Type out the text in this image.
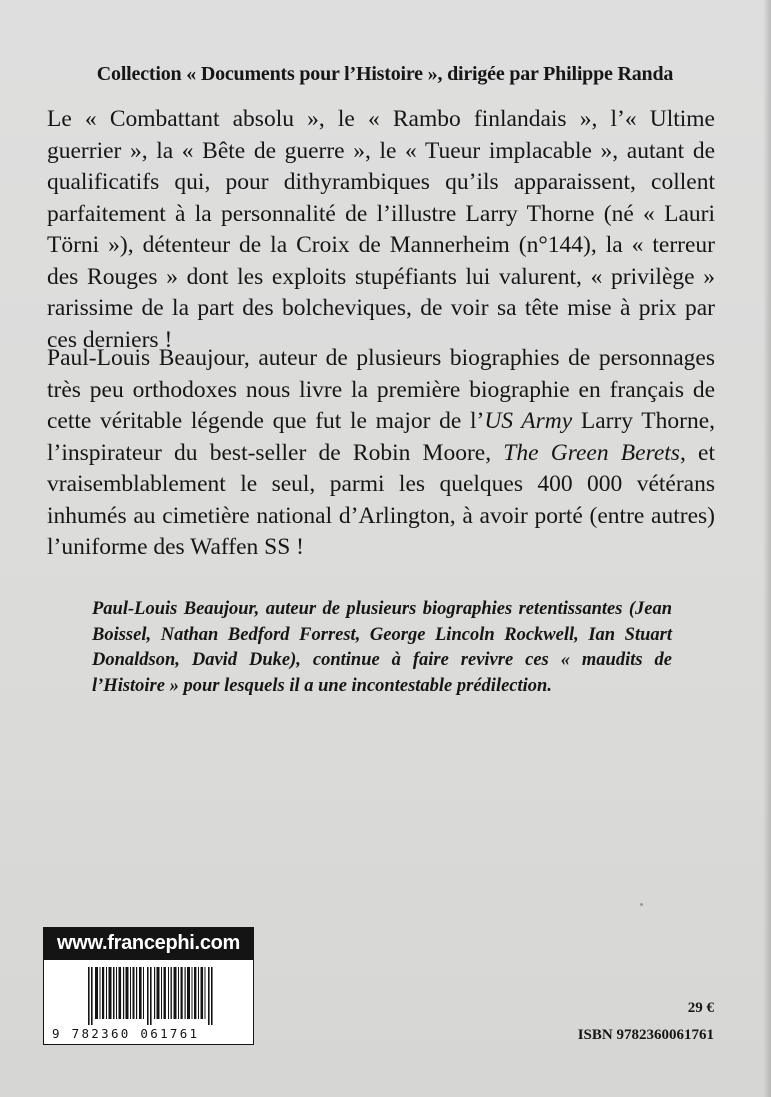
Collection « Documents pour l’Histoire », dirigée par Philippe Randa

Le « Combattant absolu », le « Rambo finlandais », l’« Ultime guerrier », la « Bête de guerre », le « Tueur implacable », autant de qualificatifs qui, pour dithyrambiques qu’ils apparaissent, collent parfaitement à la personnalité de l’illustre Larry Thorne (né « Lauri Törni »), détenteur de la Croix de Mannerheim (n°144), la « terreur des Rouges » dont les exploits stupéfiants lui valurent, « privilège » rarissime de la part des bolcheviques, de voir sa tête mise à prix par ces derniers !

Paul-Louis Beaujour, auteur de plusieurs biographies de personnages très peu orthodoxes nous livre la première biographie en français de cette véritable légende que fut le major de l’US Army Larry Thorne, l’inspirateur du best-seller de Robin Moore, The Green Berets, et vraisemblablement le seul, parmi les quelques 400 000 vétérans inhumés au cimetière national d’Arlington, à avoir porté (entre autres) l’uniforme des Waffen SS !

Paul-Louis Beaujour, auteur de plusieurs biographies retentissantes (Jean Boissel, Nathan Bedford Forrest, George Lincoln Rockwell, Ian Stuart Donaldson, David Duke), continue à faire revivre ces « maudits de l’Histoire » pour lesquels il a une incontestable prédilection.

www.francephi.com
9 782360 061761
29 €
ISBN 9782360061761
